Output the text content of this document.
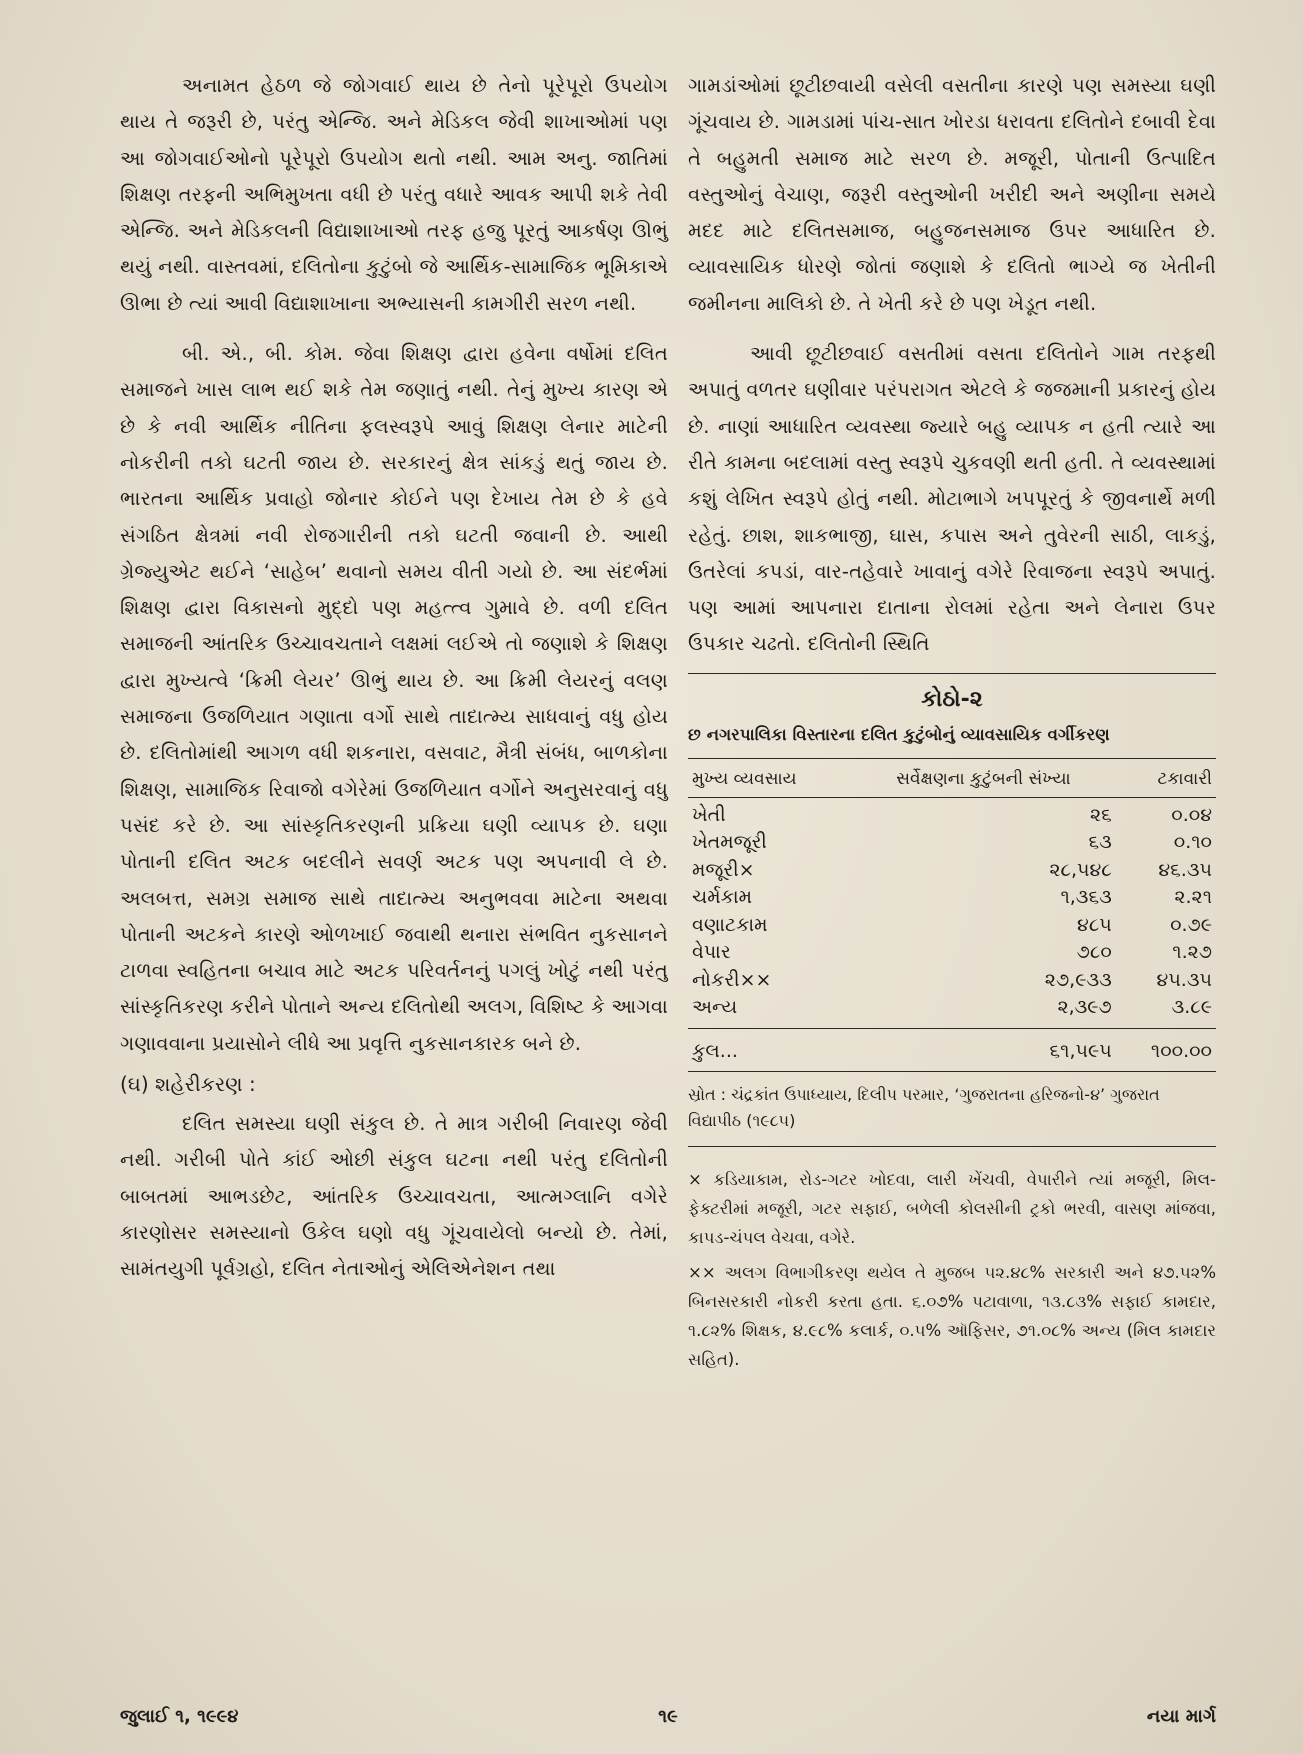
અનામત હેઠળ જે જોગવાઈ થાય છે તેનો પૂરેપૂરો ઉપયોગ થાય તે જરૂરી છે, પરંતુ એન્જિ. અને મેડિકલ જેવી શાખાઓમાં પણ આ જોગવાઈઓનો પૂરેપૂરો ઉપયોગ થતો નથી. આમ અનુ. જાતિમાં શિક્ષણ તરફની અભિમુખતા વધી છે પરંતુ વધારે આવક આપી શકે તેવી એન્જિ. અને મેડિકલની વિદ્યાશાખાઓ તરફ હજુ પૂરતું આકર્ષણ ઊભું થયું નથી. વાસ્તવમાં, દલિતોના કુટુંબો જે આર્થિક-સામાજિક ભૂમિકાએ ઊભા છે ત્યાં આવી વિદ્યાશાખાના અભ્યાસની કામગીરી સરળ નથી.

બી. એ., બી. કોમ. જેવા શિક્ષણ દ્વારા હવેના વર્ષોમાં દલિત સમાજને ખાસ લાભ થઈ શકે તેમ જણાતું નથી. તેનું મુખ્ય કારણ એ છે કે નવી આર્થિક નીતિના ફલસ્વરૂપે આવું શિક્ષણ લેનાર માટેની નોકરીની તકો ઘટતી જાય છે. સરકારનું ક્ષેત્ર સાંકડું થતું જાય છે. ભારતના આર્થિક પ્રવાહો જોનાર કોઈને પણ દેખાય તેમ છે કે હવે સંગઠિત ક્ષેત્રમાં નવી રોજગારીની તકો ઘટતી જવાની છે. આથી ગ્રેજ્યુએટ થઈને ‘સાહેબ’ થવાનો સમય વીતી ગયો છે. આ સંદર્ભમાં શિક્ષણ દ્વારા વિકાસનો મુદ્દો પણ મહત્ત્વ ગુમાવે છે. વળી દલિત સમાજની આંતરિક ઉચ્ચાવચતાને લક્ષમાં લઈએ તો જણાશે કે શિક્ષણ દ્વારા મુખ્યત્વે ‘ક્રિમી લેયર’ ઊભું થાય છે. આ ક્રિમી લેયરનું વલણ સમાજના ઉજળિયાત ગણાતા વર્ગો સાથે તાદાત્મ્ય સાધવાનું વધુ હોય છે. દલિતોમાંથી આગળ વધી શકનારા, વસવાટ, મૈત્રી સંબંધ, બાળકોના શિક્ષણ, સામાજિક રિવાજો વગેરેમાં ઉજળિયાત વર્ગોને અનુસરવાનું વધુ પસંદ કરે છે. આ સાંસ્કૃતિકરણની પ્રક્રિયા ઘણી વ્યાપક છે. ઘણા પોતાની દલિત અટક બદલીને સવર્ણ અટક પણ અપનાવી લે છે. અલબત્ત, સમગ્ર સમાજ સાથે તાદાત્મ્ય અનુભવવા માટેના અથવા પોતાની અટકને કારણે ઓળખાઈ જવાથી થનારા સંભવિત નુકસાનને ટાળવા સ્વહિતના બચાવ માટે અટક પરિવર્તનનું પગલું ખોટું નથી પરંતુ સાંસ્કૃતિકરણ કરીને પોતાને અન્ય દલિતોથી અલગ, વિશિષ્ટ કે આગવા ગણાવવાના પ્રયાસોને લીધે આ પ્રવૃત્તિ નુકસાનકારક બને છે.

(ઘ) શહેરીકરણ :

દલિત સમસ્યા ઘણી સંકુલ છે. તે માત્ર ગરીબી નિવારણ જેવી નથી. ગરીબી પોતે કાંઈ ઓછી સંકુલ ઘટના નથી પરંતુ દલિતોની બાબતમાં આભડછેટ, આંતરિક ઉચ્ચાવચતા, આત્મગ્લાનિ વગેરે કારણોસર સમસ્યાનો ઉકેલ ઘણો વધુ ગૂંચવાયેલો બન્યો છે. તેમાં, સામંતયુગી પૂર્વગ્રહો, દલિત નેતાઓનું એલિએનેશન તથા

ગામડાંઓમાં છૂટીછવાયી વસેલી વસતીના કારણે પણ સમસ્યા ઘણી ગૂંચવાય છે. ગામડામાં પાંચ-સાત ખોરડા ધરાવતા દલિતોને દબાવી દેવા તે બહુમતી સમાજ માટે સરળ છે. મજૂરી, પોતાની ઉત્પાદિત વસ્તુઓનું વેચાણ, જરૂરી વસ્તુઓની ખરીદી અને અણીના સમયે મદદ માટે દલિતસમાજ, બહુજનસમાજ ઉપર આધારિત છે. વ્યાવસાયિક ધોરણે જોતાં જણાશે કે દલિતો ભાગ્યે જ ખેતીની જમીનના માલિકો છે. તે ખેતી કરે છે પણ ખેડૂત નથી.

આવી છૂટીછવાઈ વસતીમાં વસતા દલિતોને ગામ તરફથી અપાતું વળતર ઘણીવાર પરંપરાગત એટલે કે જજમાની પ્રકારનું હોય છે. નાણાં આધારિત વ્યવસ્થા જ્યારે બહુ વ્યાપક ન હતી ત્યારે આ રીતે કામના બદલામાં વસ્તુ સ્વરૂપે ચુકવણી થતી હતી. તે વ્યવસ્થામાં કશું લેખિત સ્વરૂપે હોતું નથી. મોટાભાગે ખપપૂરતું કે જીવનાર્થે મળી રહેતું. છાશ, શાકભાજી, ઘાસ, કપાસ અને તુવેરની સાઠી, લાકડું, ઉતરેલાં કપડાં, વાર-તહેવારે ખાવાનું વગેરે રિવાજના સ્વરૂપે અપાતું. પણ આમાં આપનારા દાતાના રોલમાં રહેતા અને લેનારા ઉપર ઉપકાર ચઢતો. દલિતોની સ્થિતિ

કોઠો-૨
છ નગરપાલિકા વિસ્તારના દલિત કુટુંબોનું વ્યાવસાયિક વર્ગીકરણ
મુખ્ય વ્યવસાય	સર્વેક્ષણના કુટુંબની સંખ્યા	ટકાવારી
ખેતી	૨૬	૦.૦૪
ખેતમજૂરી	૬૩	૦.૧૦
મજૂરી×	૨૮,૫૪૮	૪૬.૩૫
ચર્મકામ	૧,૩૬૩	૨.૨૧
વણાટકામ	૪૮૫	૦.૭૯
વેપાર	૭૮૦	૧.૨૭
નોકરી××	૨૭,૯૩૩	૪૫.૩૫
અન્ય	૨,૩૯૭	૩.૮૯
કુલ...	૬૧,૫૯૫	૧૦૦.૦૦
સ્રોત : ચંદ્રકાંત ઉપાધ્યાય, દિલીપ પરમાર, ‘ગુજરાતના હરિજનો-૪’ ગુજરાત વિદ્યાપીઠ (૧૯૮૫)
× કડિયાકામ, રોડ-ગટર ખોદવા, લારી ખેંચવી, વેપારીને ત્યાં મજૂરી, મિલ-ફેક્ટરીમાં મજૂરી, ગટર સફાઈ, બળેલી કોલસીની ટ્રકો ભરવી, વાસણ માંજવા, કાપડ-ચંપલ વેચવા, વગેરે.
×× અલગ વિભાગીકરણ થયેલ તે મુજબ ૫૨.૪૮% સરકારી અને ૪૭.૫૨% બિનસરકારી નોકરી કરતા હતા. ૬.૦૭% પટાવાળા, ૧૩.૮૩% સફાઈ કામદાર, ૧.૮૨% શિક્ષક, ૪.૯૮% કલાર્ક, ૦.૫% ઑફિસર, ૭૧.૦૮% અન્ય (મિલ કામદાર સહિત).
જુલાઈ ૧, ૧૯૯૪	૧૯	નયા માર્ગ
